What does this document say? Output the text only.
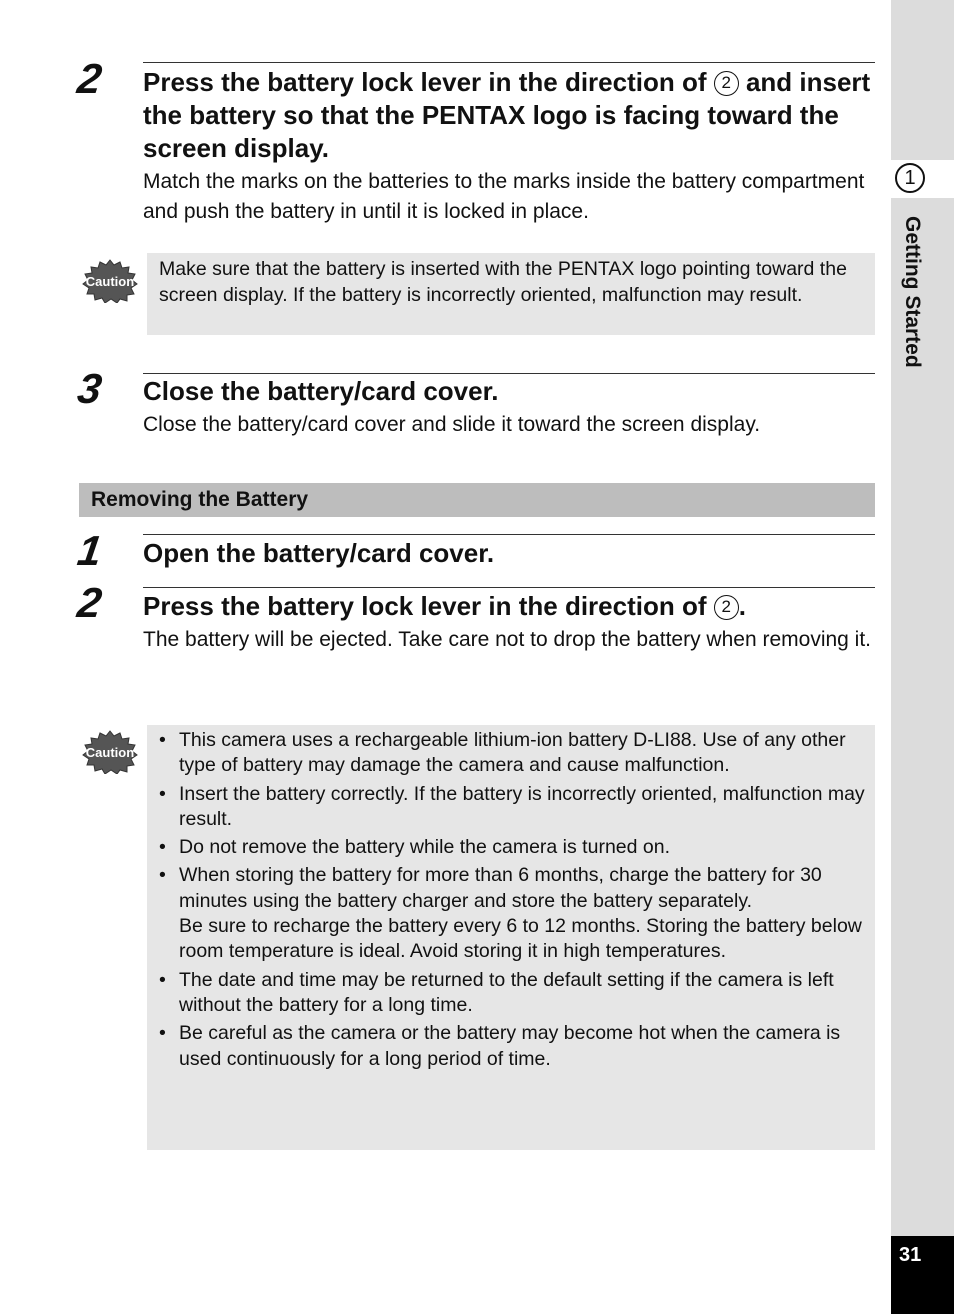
1
Getting Started
31
2 Press the battery lock lever in the direction of 2 and insert the battery so that the PENTAX logo is facing toward the screen display.
Match the marks on the batteries to the marks inside the battery compartment and push the battery in until it is locked in place.
Caution
Make sure that the battery is inserted with the PENTAX logo pointing toward the screen display. If the battery is incorrectly oriented, malfunction may result.
3 Close the battery/card cover.
Close the battery/card cover and slide it toward the screen display.
Removing the Battery
1 Open the battery/card cover.
2 Press the battery lock lever in the direction of 2 .
The battery will be ejected. Take care not to drop the battery when removing it.
Caution
• This camera uses a rechargeable lithium-ion battery D-LI88. Use of any other type of battery may damage the camera and cause malfunction.
• Insert the battery correctly. If the battery is incorrectly oriented, malfunction may result.
• Do not remove the battery while the camera is turned on.
• When storing the battery for more than 6 months, charge the battery for 30 minutes using the battery charger and store the battery separately.
Be sure to recharge the battery every 6 to 12 months. Storing the battery below room temperature is ideal. Avoid storing it in high temperatures.
• The date and time may be returned to the default setting if the camera is left without the battery for a long time.
• Be careful as the camera or the battery may become hot when the camera is used continuously for a long period of time.
